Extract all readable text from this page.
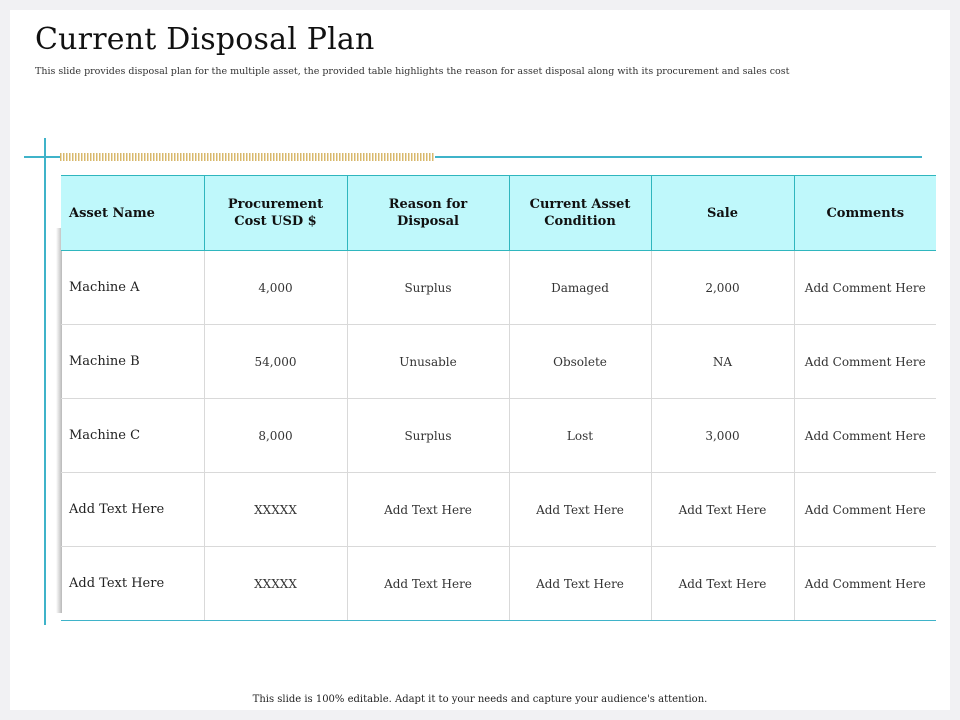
Current Disposal Plan
This slide provides disposal plan for the multiple asset, the provided table highlights the reason for asset disposal along with its procurement and sales cost
Asset Name	Procurement Cost USD $	Reason for Disposal	Current Asset Condition	Sale	Comments
Machine A	4,000	Surplus	Damaged	2,000	Add Comment Here
Machine B	54,000	Unusable	Obsolete	NA	Add Comment Here
Machine C	8,000	Surplus	Lost	3,000	Add Comment Here
Add Text Here	XXXXX	Add Text Here	Add Text Here	Add Text Here	Add Comment Here
Add Text Here	XXXXX	Add Text Here	Add Text Here	Add Text Here	Add Comment Here
This slide is 100% editable. Adapt it to your needs and capture your audience's attention.
